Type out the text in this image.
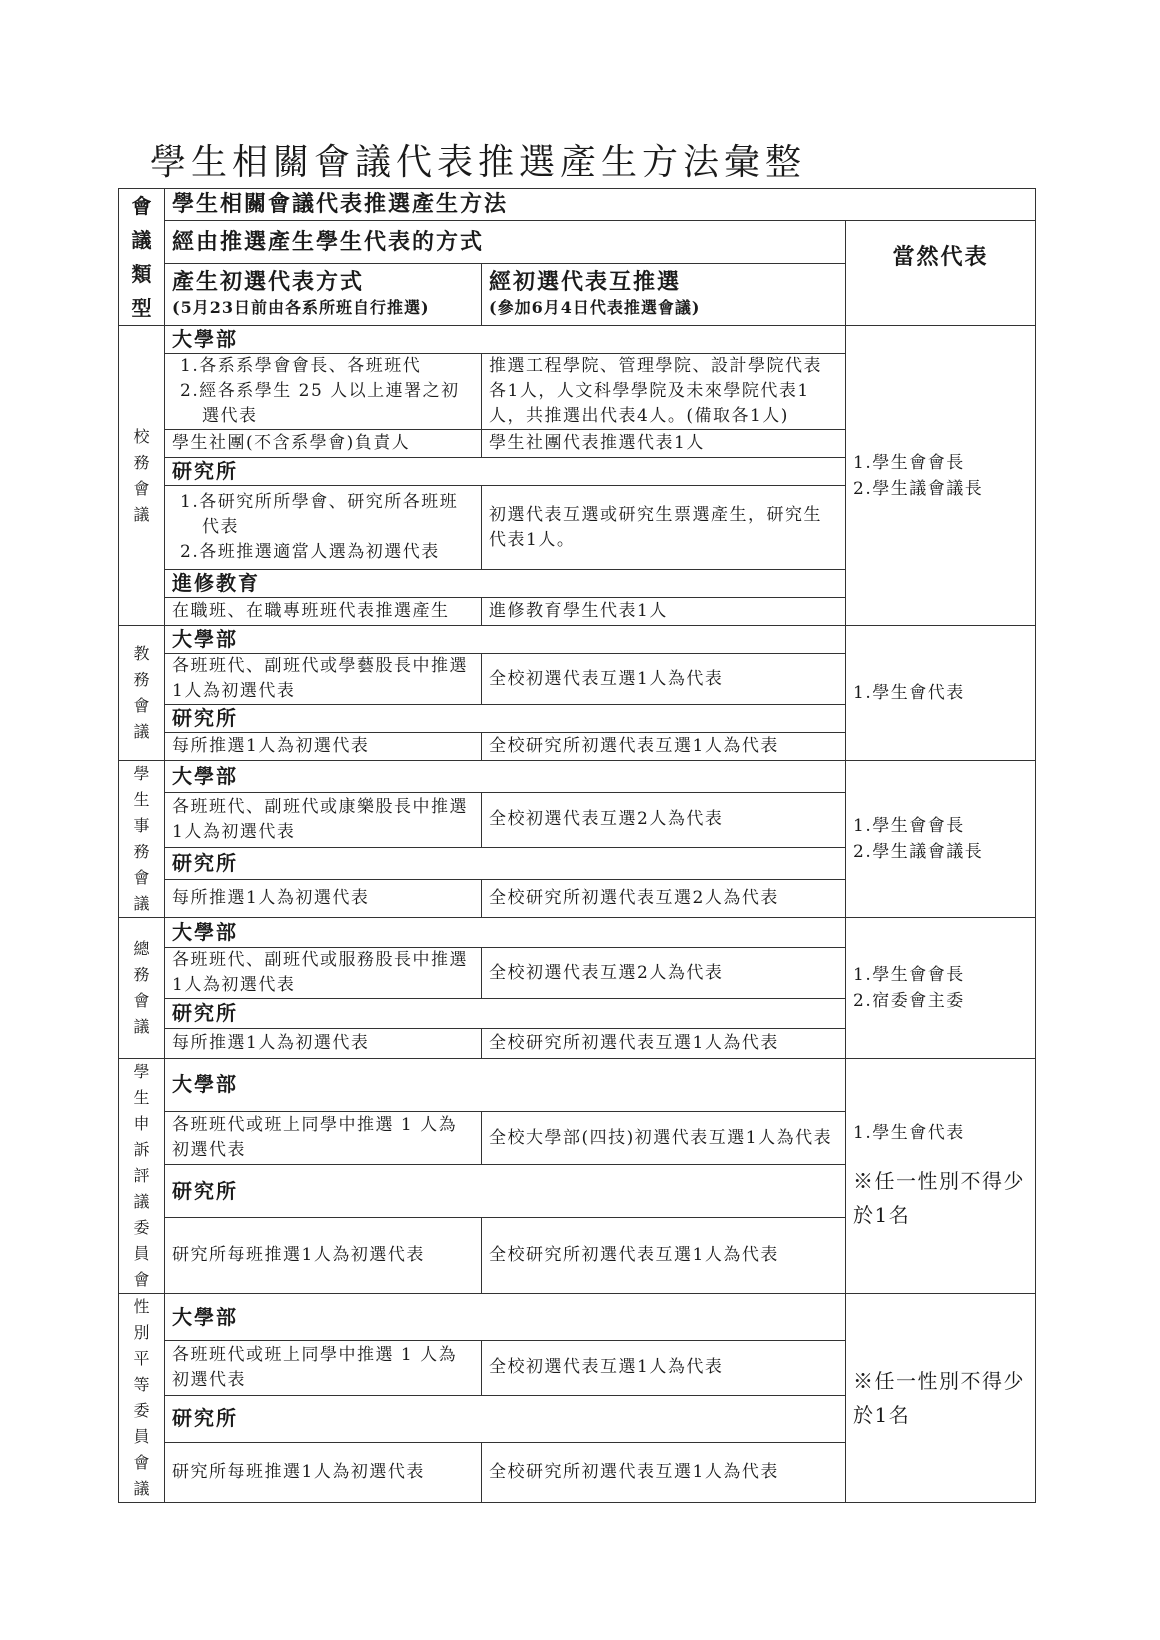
學生相關會議代表推選產生方法彙整
會議類型	學生相關會議代表推選產生方法		
	經由推選產生學生代表的方式		當然代表

	產生初選代表方式
(5月23日前由各系所班自行推選)	經初選代表互推選
(參加6月4日代表推選會議)	

校務會議	大學部		1.學生會會長
2.學生議會議長

	1.各系系學會會長、各班班代
2.經各系學生 25 人以上連署之初選代表	推選工程學院、管理學院、設計學院代表各1人，人文科學學院及未來學院代表1人，共推選出代表4人。(備取各1人)	

	學生社團(不含系學會)負責人	學生社團代表推選代表1人	
	研究所		

	1.各研究所所學會、研究所各班班代表
2.各班推選適當人選為初選代表	初選代表互選或研究生票選產生，研究生代表1人。	
	進修教育		

	在職班、在職專班班代表推選產生	進修教育學生代表1人	
教務會議	大學部		1.學生會代表

	各班班代、副班代或學藝股長中推選1人為初選代表	全校初選代表互選1人為代表	
	研究所		

	每所推選1人為初選代表	全校研究所初選代表互選1人為代表	
學生事務會議	大學部		1.學生會會長
2.學生議會議長

	各班班代、副班代或康樂股長中推選1人為初選代表	全校初選代表互選2人為代表	
	研究所		

	每所推選1人為初選代表	全校研究所初選代表互選2人為代表	
總務會議	大學部		1.學生會會長
2.宿委會主委

	各班班代、副班代或服務股長中推選1人為初選代表	全校初選代表互選2人為代表	
	研究所		

	每所推選1人為初選代表	全校研究所初選代表互選1人為代表	
學生申訴評議委員會	大學部		1.學生會代表
※任一性別不得少於1名

	各班班代或班上同學中推選 1 人為初選代表	全校大學部(四技)初選代表互選1人為代表	
	研究所		

	研究所每班推選1人為初選代表	全校研究所初選代表互選1人為代表	
性別平等委員會議	大學部		※任一性別不得少於1名

	各班班代或班上同學中推選 1 人為初選代表	全校初選代表互選1人為代表	
	研究所		

	研究所每班推選1人為初選代表	全校研究所初選代表互選1人為代表	
